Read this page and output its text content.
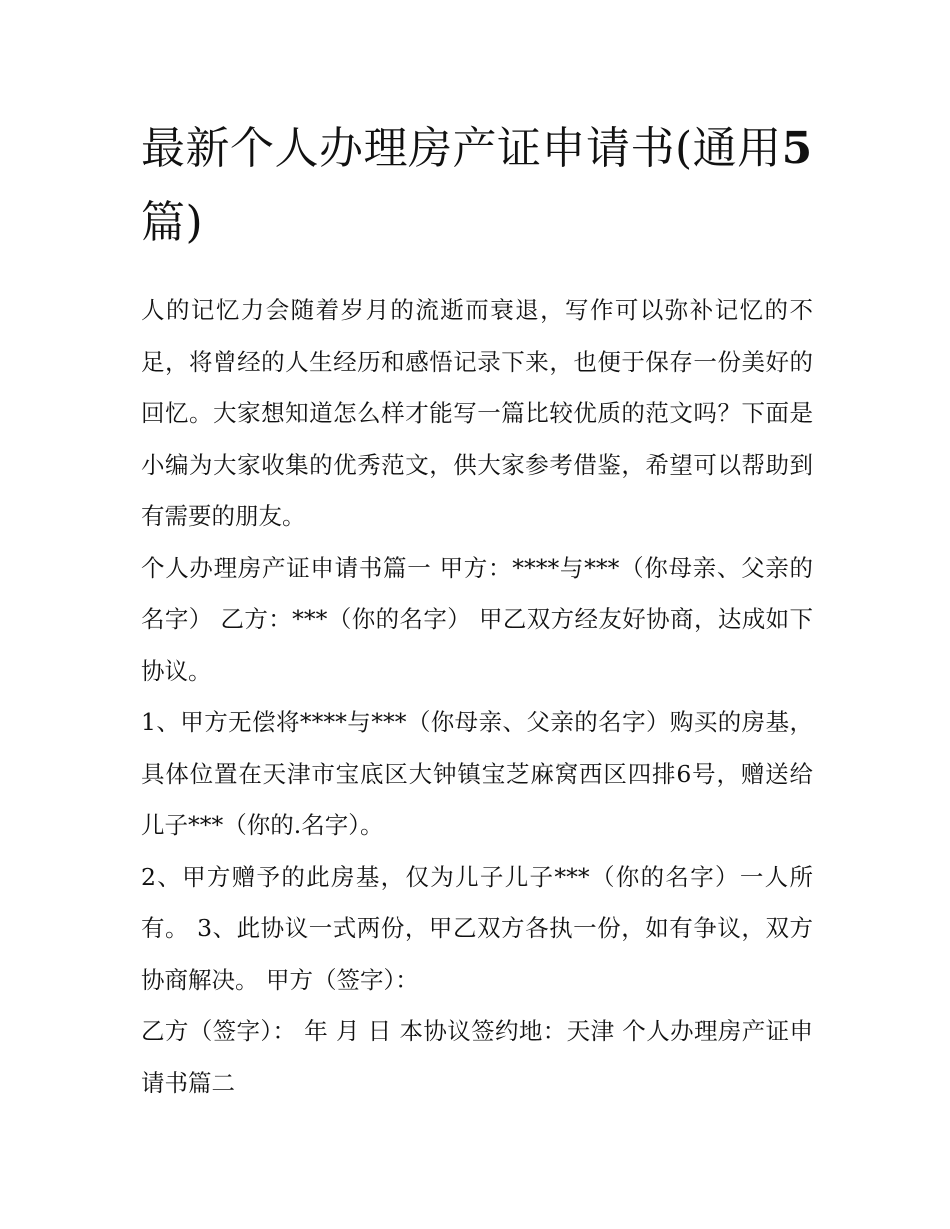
最新个人办理房产证申请书(通用5篇)

人的记忆力会随着岁月的流逝而衰退，写作可以弥补记忆的不足，将曾经的人生经历和感悟记录下来，也便于保存一份美好的回忆。大家想知道怎么样才能写一篇比较优质的范文吗？下面是小编为大家收集的优秀范文，供大家参考借鉴，希望可以帮助到有需要的朋友。

个人办理房产证申请书篇一 甲方：****与***（你母亲、父亲的名字） 乙方：***（你的名字） 甲乙双方经友好协商，达成如下协议。

1、甲方无偿将****与***（你母亲、父亲的名字）购买的房基，具体位置在天津市宝底区大钟镇宝芝麻窝西区四排6号，赠送给儿子***（你的.名字）。

2、甲方赠予的此房基，仅为儿子儿子***（你的名字）一人所有。 3、此协议一式两份，甲乙双方各执一份，如有争议，双方协商解决。 甲方（签字）：

乙方（签字）： 年 月 日 本协议签约地：天津 个人办理房产证申请书篇二
